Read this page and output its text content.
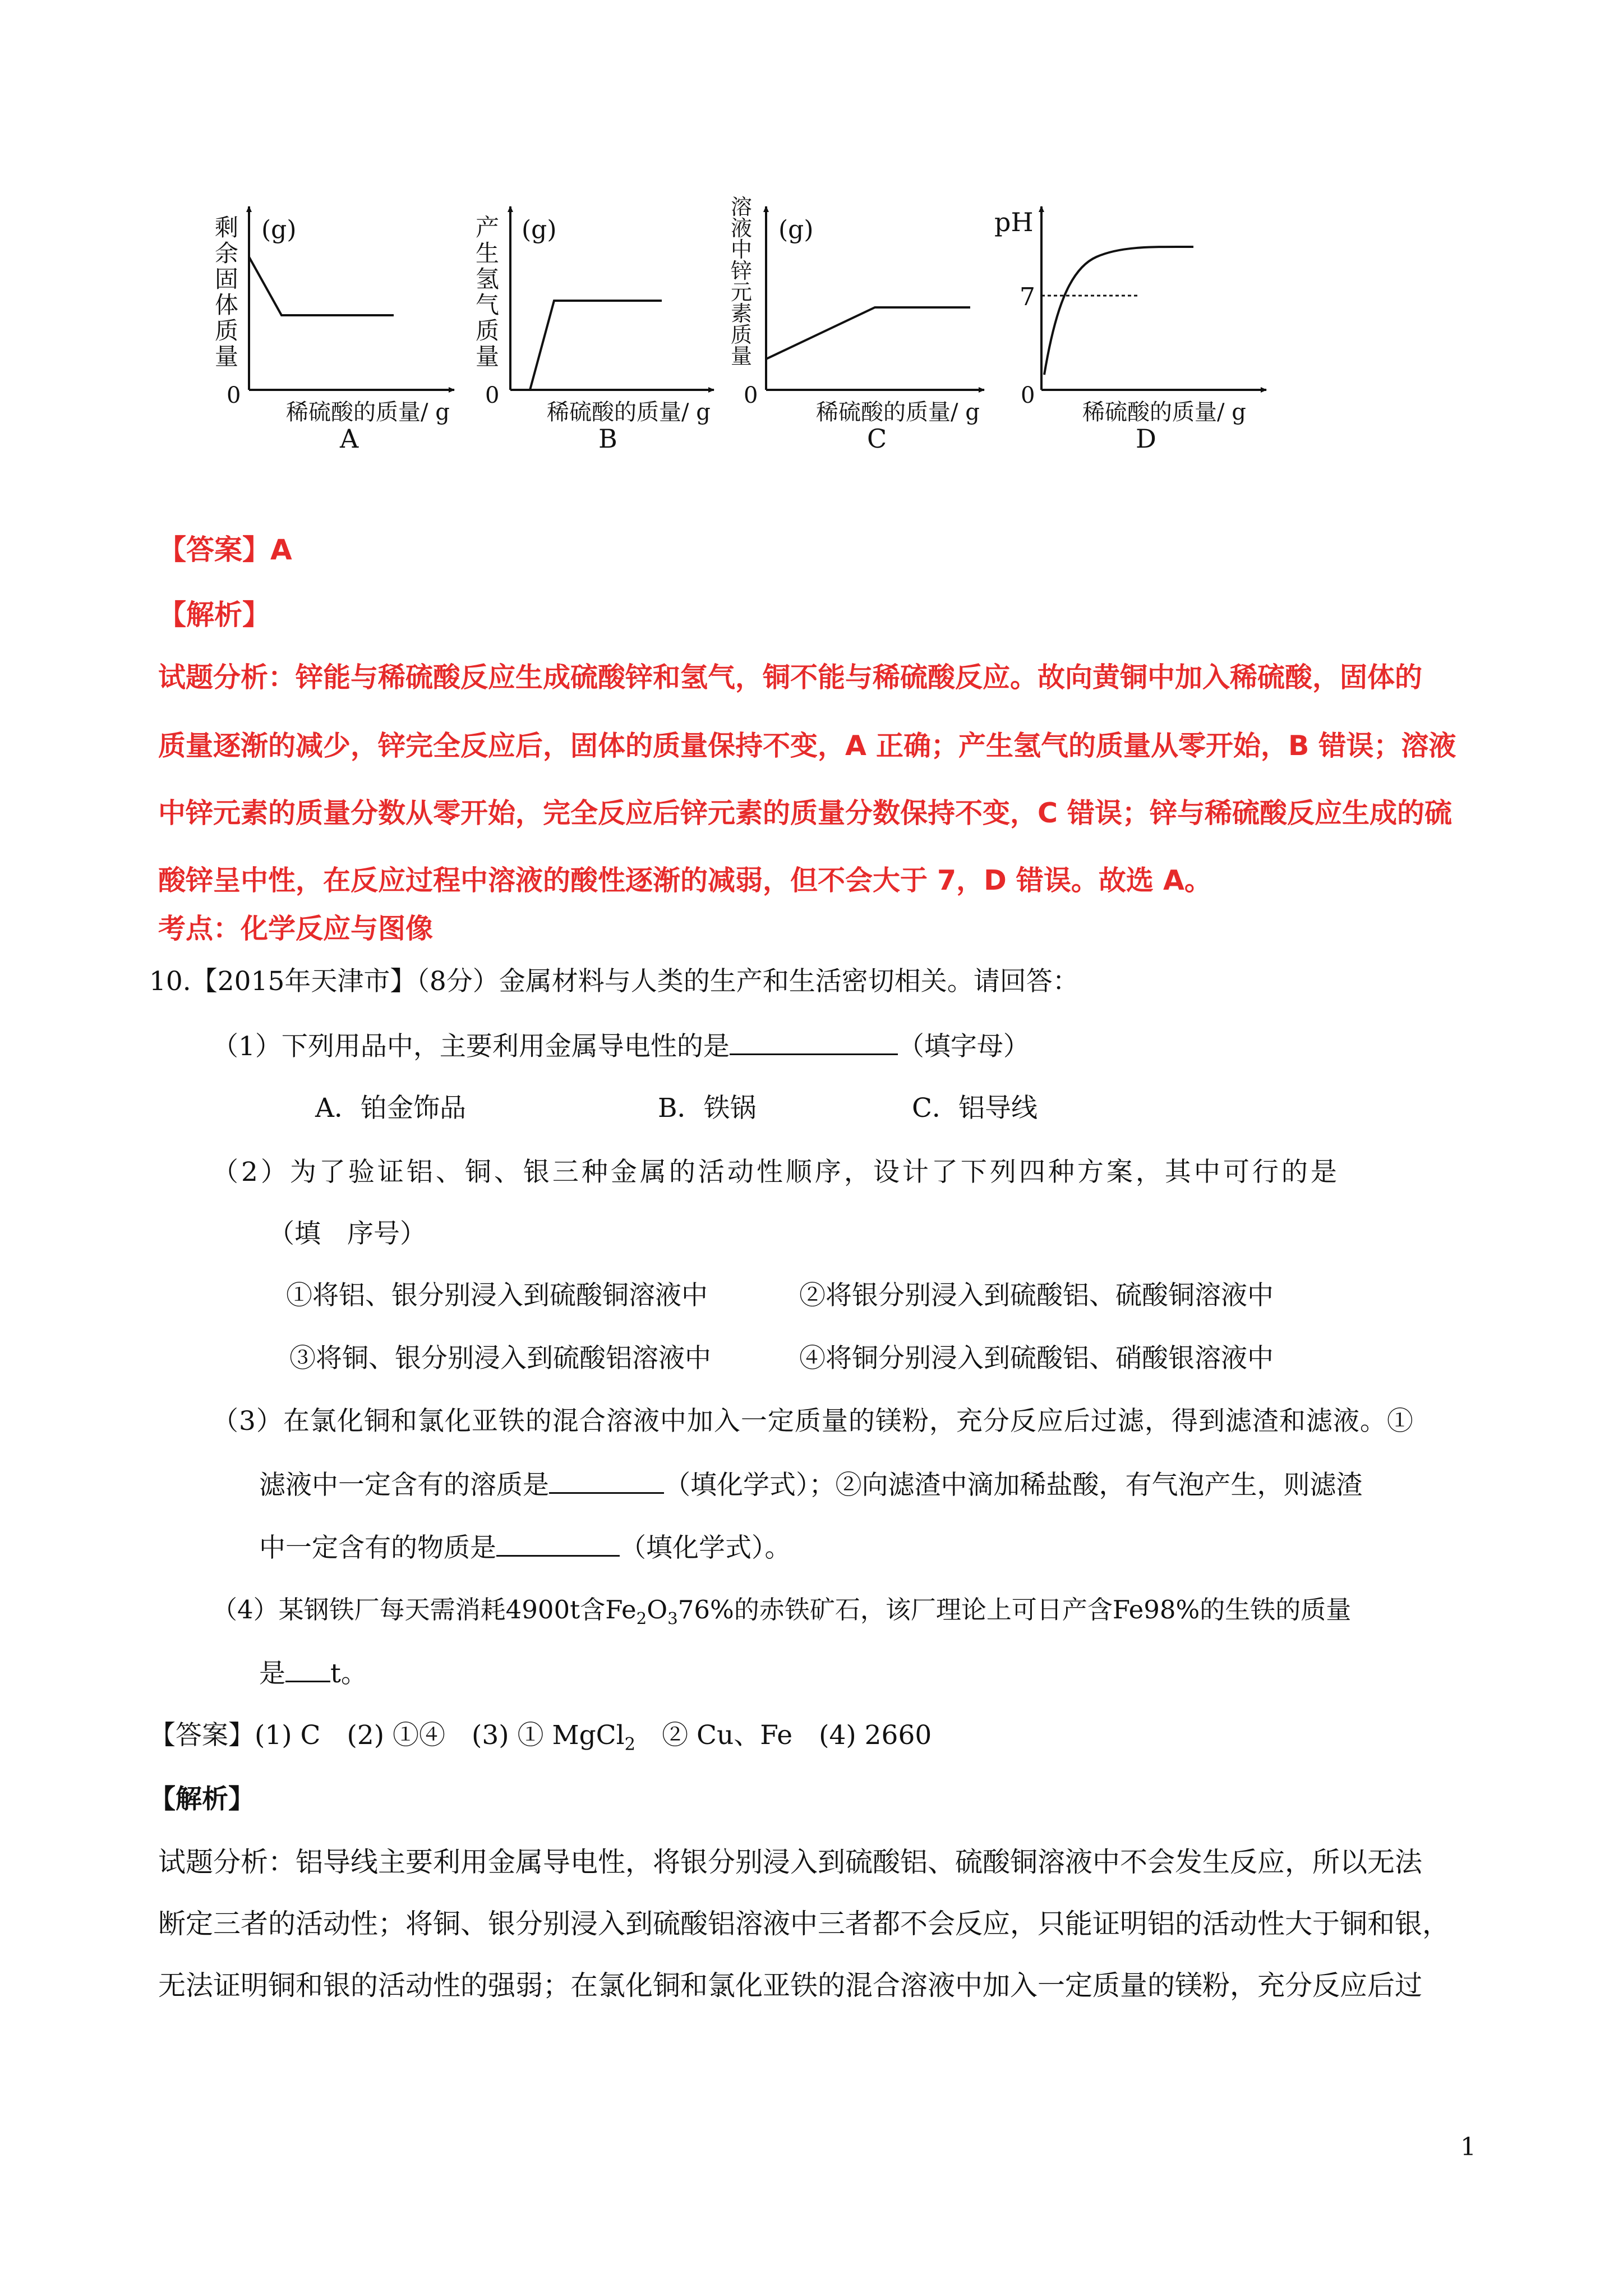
剩
余
固
体
质
量
(g)
0
稀硫酸的质量/ g
A
产
生
氢
气
质
量
(g)
0
稀硫酸的质量/ g
B
溶
液
中
锌
元
素
质
量
(g)
0
稀硫酸的质量/ g
C
pH
7
0
稀硫酸的质量/ g
D
【答案】A
【解析】
试题分析：锌能与稀硫酸反应生成硫酸锌和氢气，铜不能与稀硫酸反应。故向黄铜中加入稀硫酸，固体的
质量逐渐的减少，锌完全反应后，固体的质量保持不变，A 正确；产生氢气的质量从零开始，B 错误；溶液
中锌元素的质量分数从零开始，完全反应后锌元素的质量分数保持不变，C 错误；锌与稀硫酸反应生成的硫
酸锌呈中性，在反应过程中溶液的酸性逐渐的减弱，但不会大于 7，D 错误。故选 A。
考点：化学反应与图像
10.【2015年天津市】（8分）金属材料与人类的生产和生活密切相关。请回答：
（1）下列用品中，主要利用金属导电性的是	（填字母）
A．铂金饰品	B．铁锅	C．铝导线
（2）为了验证铝、铜、银三种金属的活动性顺序，设计了下列四种方案，其中可行的是
（填　序号）
①将铝、银分别浸入到硫酸铜溶液中	②将银分别浸入到硫酸铝、硫酸铜溶液中
③将铜、银分别浸入到硫酸铝溶液中	④将铜分别浸入到硫酸铝、硝酸银溶液中
（3）在氯化铜和氯化亚铁的混合溶液中加入一定质量的镁粉，充分反应后过滤，得到滤渣和滤液。①
滤液中一定含有的溶质是	（填化学式）；②向滤渣中滴加稀盐酸，有气泡产生，则滤渣
中一定含有的物质是	（填化学式）。
（4）某钢铁厂每天需消耗4900t含$Fe_2O_376\%$的赤铁矿石，该厂理论上可日产含Fe98%的生铁的质量
是 t。
【答案】(1) C　(2) ①④　(3) ① MgCl$_2$　② Cu、Fe　(4) 2660
【解析】
试题分析：铝导线主要利用金属导电性，将银分别浸入到硫酸铝、硫酸铜溶液中不会发生反应，所以无法
断定三者的活动性；将铜、银分别浸入到硫酸铝溶液中三者都不会反应，只能证明铝的活动性大于铜和银，
无法证明铜和银的活动性的强弱；在氯化铜和氯化亚铁的混合溶液中加入一定质量的镁粉，充分反应后过
1
